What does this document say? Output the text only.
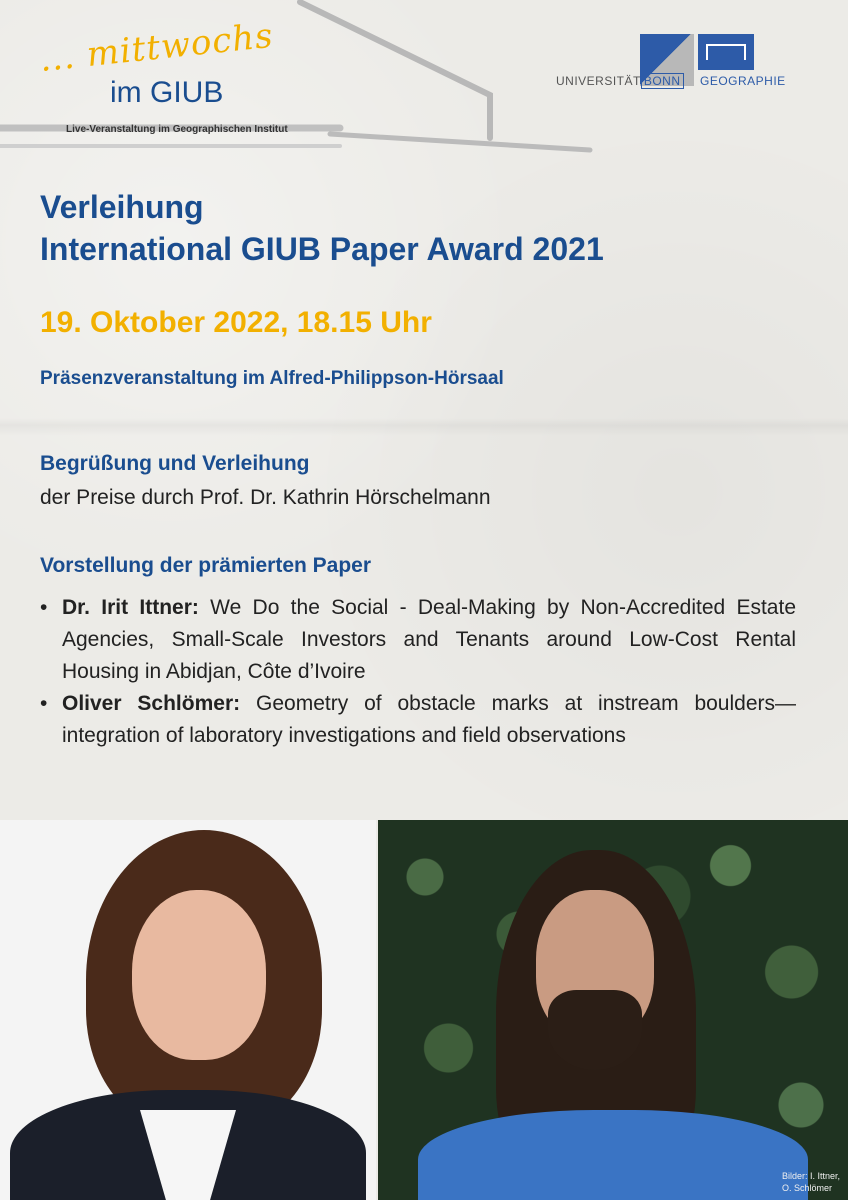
... mittwochs
im GIUB
Live-Veranstaltung im Geographischen Institut
UNIVERSITÄT BONN GEOGRAPHIE
Verleihung
International GIUB Paper Award 2021
19. Oktober 2022, 18.15 Uhr
Präsenzveranstaltung im Alfred-Philippson-Hörsaal
Begrüßung und Verleihung
der Preise durch Prof. Dr. Kathrin Hörschelmann
Vorstellung der prämierten Paper
• Dr. Irit Ittner: We Do the Social - Deal-Making by Non-Accredited Estate Agencies, Small-Scale Investors and Tenants around Low-Cost Rental Housing in Abidjan, Côte d’Ivoire
• Oliver Schlömer: Geometry of obstacle marks at instream boulders—integration of laboratory investigations and field observations
Bilder: I. Ittner,
O. Schlömer
